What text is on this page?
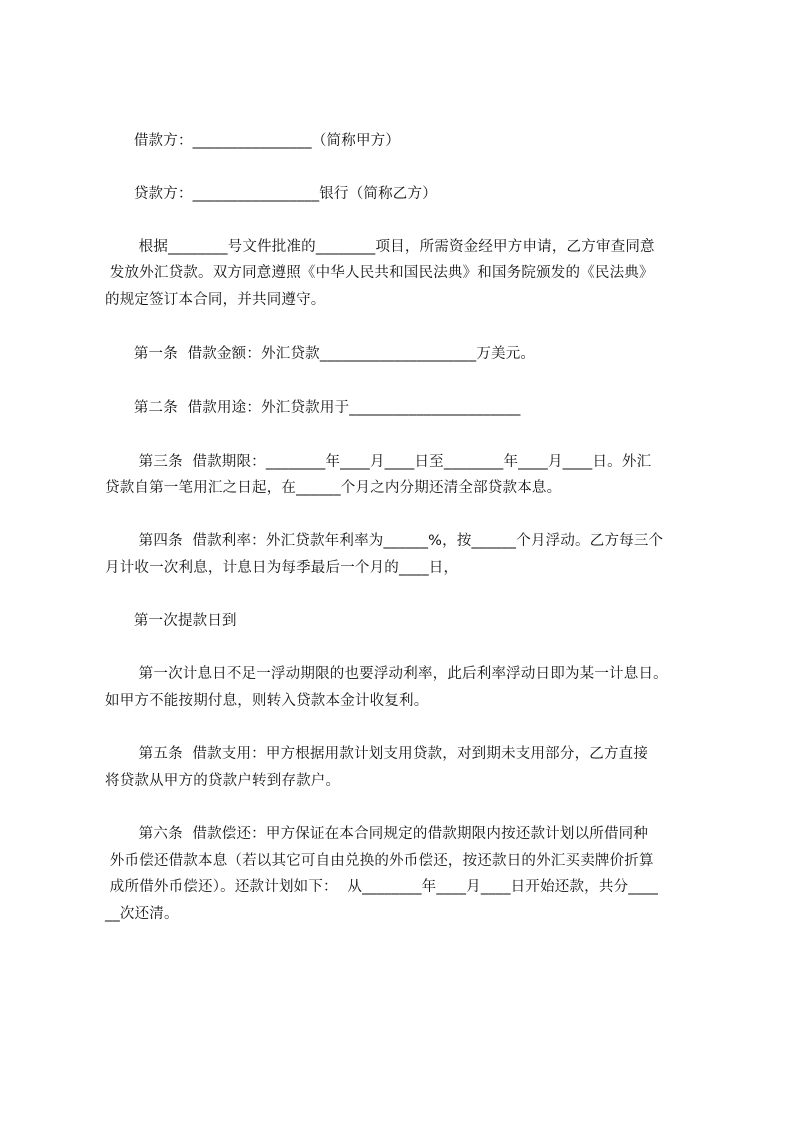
借款方：________________（简称甲方）
贷款方：_________________银行（简称乙方）
根据________号文件批准的________项目，所需资金经甲方申请，乙方审查同意
发放外汇贷款。双方同意遵照《中华人民共和国民法典》和国务院颁发的《民法典》
的规定签订本合同，并共同遵守。
第一条  借款金额：外汇贷款_____________________万美元。
第二条  借款用途：外汇贷款用于_______________________
第三条  借款期限：________年____月____日至________年____月____日。外汇
贷款自第一笔用汇之日起，在______个月之内分期还清全部贷款本息。
第四条  借款利率：外汇贷款年利率为______%，按______个月浮动。乙方每三个
月计收一次利息，计息日为每季最后一个月的____日，
第一次提款日到
第一次计息日不足一浮动期限的也要浮动利率，此后利率浮动日即为某一计息日。
如甲方不能按期付息，则转入贷款本金计收复利。
第五条  借款支用：甲方根据用款计划支用贷款，对到期未支用部分，乙方直接
将贷款从甲方的贷款户转到存款户。
第六条  借款偿还：甲方保证在本合同规定的借款期限内按还款计划以所借同种
外币偿还借款本息（若以其它可自由兑换的外币偿还，按还款日的外汇买卖牌价折算
成所借外币偿还）。还款计划如下：  从________年____月____日开始还款，共分____
__次还清。
